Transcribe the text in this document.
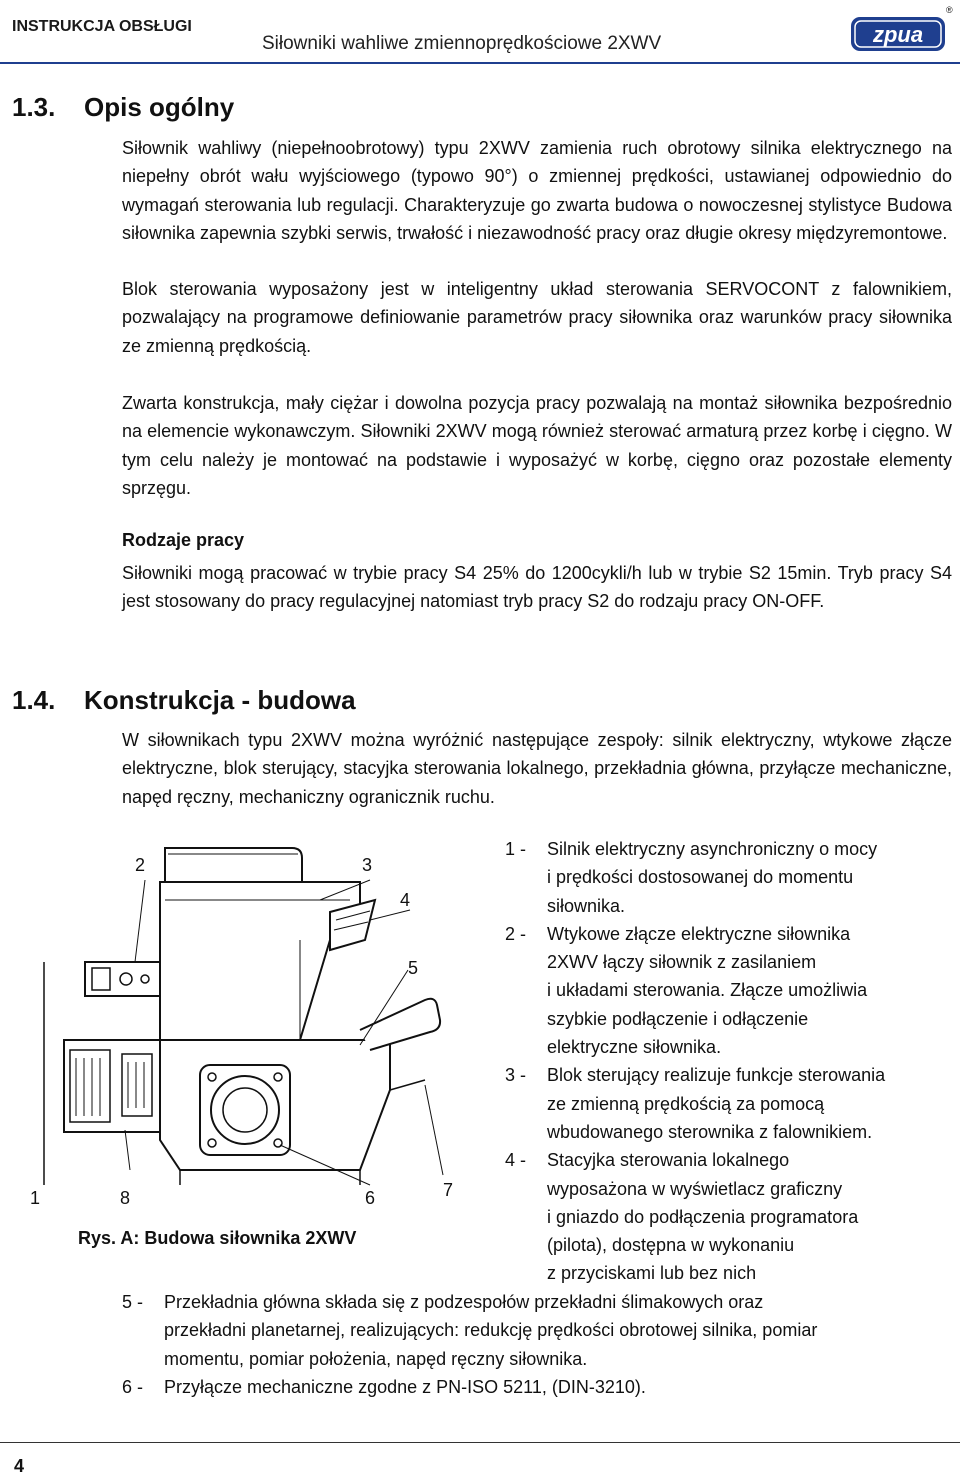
INSTRUKCJA OBSŁUGI
Siłowniki wahliwe zmiennoprędkościowe 2XWV	zpua
®
1.3. Opis ogólny

Siłownik wahliwy (niepełnoobrotowy) typu 2XWV zamienia ruch obrotowy silnika elektrycznego na niepełny obrót wału wyjściowego (typowo 90°) o zmiennej prędkości, ustawianej odpowiednio do wymagań sterowania lub regulacji. Charakteryzuje go zwarta budowa o nowoczesnej stylistyce Budowa siłownika zapewnia szybki serwis, trwałość i niezawodność pracy oraz długie okresy międzyremontowe.

Blok sterowania wyposażony jest w inteligentny układ sterowania SERVOCONT z falownikiem, pozwalający na programowe definiowanie parametrów pracy siłownika oraz warunków pracy siłownika ze zmienną prędkością.

Zwarta konstrukcja, mały ciężar i dowolna pozycja pracy pozwalają na montaż siłownika bezpośrednio na elemencie wykonawczym. Siłowniki 2XWV mogą również sterować armaturą przez korbę i cięgno. W tym celu należy je montować na podstawie i wyposażyć w korbę, cięgno oraz pozostałe elementy sprzęgu.

Rodzaje pracy

Siłowniki mogą pracować w trybie pracy S4 25% do 1200cykli/h lub w trybie S2 15min. Tryb pracy S4 jest stosowany do pracy regulacyjnej natomiast tryb pracy S2 do rodzaju pracy ON-OFF.

1.4. Konstrukcja - budowa

W siłownikach typu 2XWV można wyróżnić następujące zespoły: silnik elektryczny, wtykowe złącze elektryczne, blok sterujący, stacyjka sterowania lokalnego, przekładnia główna, przyłącze mechaniczne, napęd ręczny, mechaniczny ogranicznik ruchu.

2	3
4
5
1	8	6	7
Rys. A: Budowa siłownika 2XWV
1 - Silnik elektryczny asynchroniczny o mocy
i prędkości dostosowanej do momentu
siłownika.
2 - Wtykowe złącze elektryczne siłownika
2XWV łączy siłownik z zasilaniem
i układami sterowania. Złącze umożliwia
szybkie podłączenie i odłączenie
elektryczne siłownika.
3 - Blok sterujący realizuje funkcje sterowania
ze zmienną prędkością za pomocą
wbudowanego sterownika z falownikiem.
4 - Stacyjka sterowania lokalnego
wyposażona w wyświetlacz graficzny
i gniazdo do podłączenia programatora
(pilota), dostępna w wykonaniu
z przyciskami lub bez nich
5 - Przekładnia główna składa się z podzespołów przekładni ślimakowych oraz
przekładni planetarnej, realizujących: redukcję prędkości obrotowej silnika, pomiar
momentu, pomiar położenia, napęd ręczny siłownika.
6 - Przyłącze mechaniczne zgodne z PN-ISO 5211, (DIN-3210).
4
